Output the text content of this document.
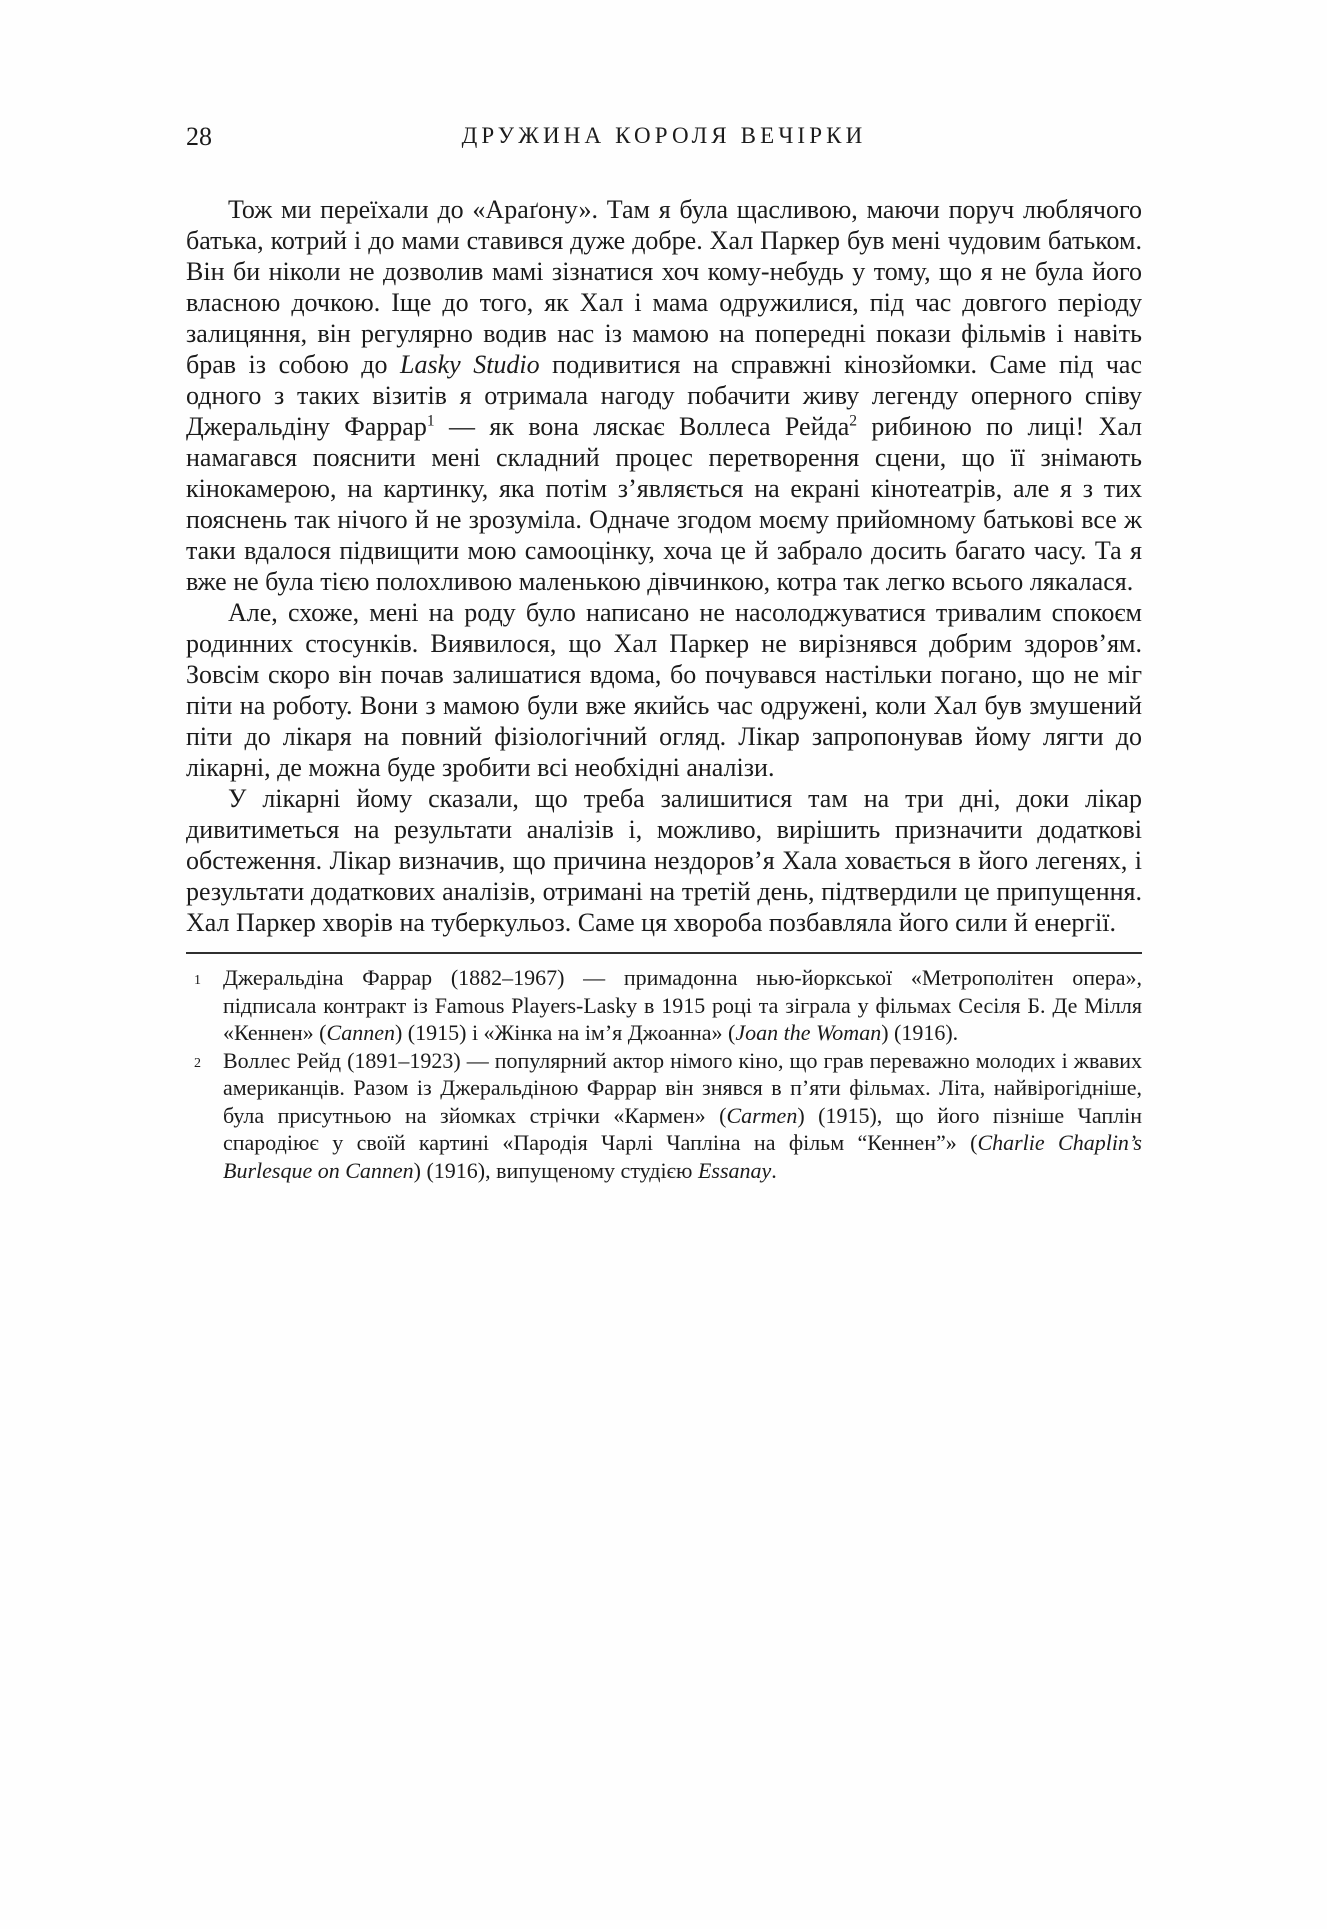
28	ДРУЖИНА КОРОЛЯ ВЕЧІРКИ

Тож ми переїхали до «Араґону». Там я була щасливою, маючи поруч люблячого батька, котрий і до мами ставився дуже добре. Хал Паркер був мені чудовим батьком. Він би ніколи не дозволив мамі зізнатися хоч кому-небудь у тому, що я не була його власною дочкою. Іще до того, як Хал і мама одружилися, під час довгого періоду залицяння, він регулярно водив нас із мамою на попередні покази фільмів і навіть брав із собою до Lasky Studio подивитися на справжні кінозйомки. Саме під час одного з таких візитів я отримала нагоду побачити живу легенду оперного співу Джеральдіну Фаррар$^1$ — як вона ляскає Воллеса Рейда$^2$ рибиною по лиці! Хал намагався пояснити мені складний процес перетворення сцени, що її знімають кінокамерою, на картинку, яка потім з’являється на екрані кінотеатрів, але я з тих пояснень так нічого й не зрозуміла. Одначе згодом моєму прийомному батькові все ж таки вдалося підвищити мою самооцінку, хоча це й забрало досить багато часу. Та я вже не була тією полохливою маленькою дівчинкою, котра так легко всього лякалася.

Але, схоже, мені на роду було написано не насолоджуватися тривалим спокоєм родинних стосунків. Виявилося, що Хал Паркер не вирізнявся добрим здоров’ям. Зовсім скоро він почав залишатися вдома, бо почувався настільки погано, що не міг піти на роботу. Вони з мамою були вже якийсь час одружені, коли Хал був змушений піти до лікаря на повний фізіологічний огляд. Лікар запропонував йому лягти до лікарні, де можна буде зробити всі необхідні аналізи.

У лікарні йому сказали, що треба залишитися там на три дні, доки лікар дивитиметься на результати аналізів і, можливо, вирішить призначити додаткові обстеження. Лікар визначив, що причина нездоров’я Хала ховається в його легенях, і результати додаткових аналізів, отримані на третій день, підтвердили це припущення. Хал Паркер хворів на туберкульоз. Саме ця хвороба позбавляла його сили й енергії.

1 Джеральдіна Фаррар (1882–1967) — примадонна нью-йоркської «Метрополітен опера», підписала контракт із Famous Players-Lasky в 1915 році та зіграла у фільмах Сесіля Б. Де Мілля «Кеннен» (Cannen) (1915) і «Жінка на ім’я Джоанна» (Joan the Woman) (1916).
2 Воллес Рейд (1891–1923) — популярний актор німого кіно, що грав переважно молодих і жвавих американців. Разом із Джеральдіною Фаррар він знявся в п’яти фільмах. Літа, найвірогідніше, була присутньою на зйомках стрічки «Кармен» (Carmen) (1915), що його пізніше Чаплін спародіює у своїй картині «Пародія Чарлі Чапліна на фільм “Кеннен”» (Charlie Chaplin’s Burlesque on Cannen) (1916), випущеному студією Essanay.
